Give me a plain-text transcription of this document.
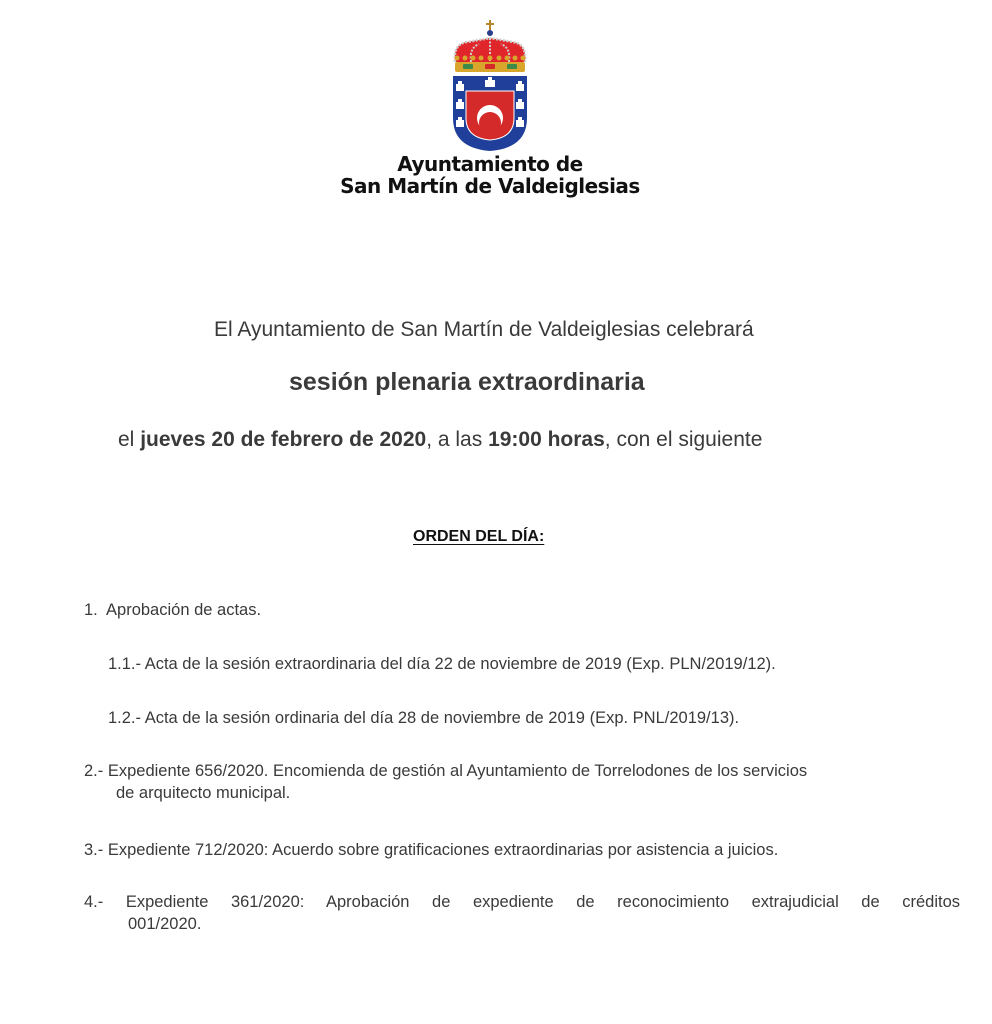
Ayuntamiento de
San Martín de Valdeiglesias
El Ayuntamiento de San Martín de Valdeiglesias celebrará
sesión plenaria extraordinaria
el jueves 20 de febrero de 2020, a las 19:00 horas, con el siguiente
ORDEN DEL DÍA:
1.  Aprobación de actas.
1.1.- Acta de la sesión extraordinaria del día 22 de noviembre de 2019 (Exp. PLN/2019/12).
1.2.- Acta de la sesión ordinaria del día 28 de noviembre de 2019 (Exp. PNL/2019/13).
2.- Expediente 656/2020. Encomienda de gestión al Ayuntamiento de Torrelodones de los servicios
de arquitecto municipal.
3.- Expediente 712/2020: Acuerdo sobre gratificaciones extraordinarias por asistencia a juicios.
4.- Expediente 361/2020: Aprobación de expediente de reconocimiento extrajudicial de créditos
001/2020.
